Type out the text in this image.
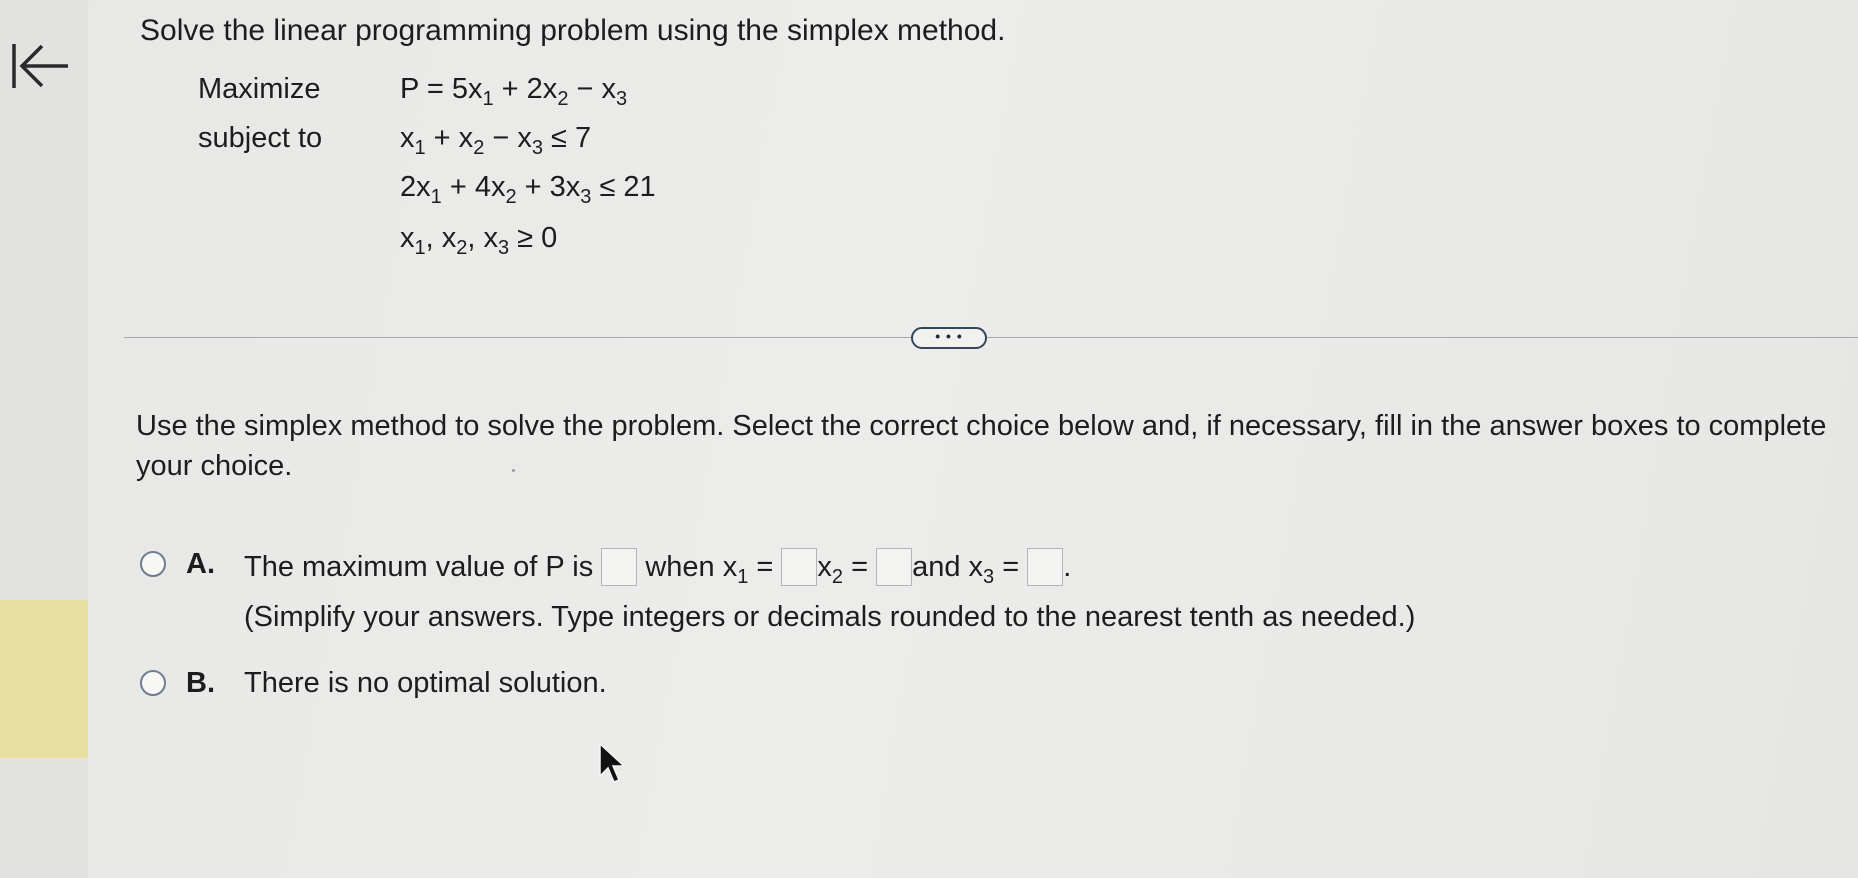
Solve the linear programming problem using the simplex method.
Maximize
subject to
$P = 5x_1 + 2x_2 - x_3$
$x_1 + x_2 - x_3 \le 7$
$2x_1 + 4x_2 + 3x_3 \le 21$
$x_1$, $x_2$, $x_3 \ge 0$
• • •
Use the simplex method to solve the problem. Select the correct choice below and, if necessary, fill in the answer boxes to complete your choice.
A. The maximum value of P is  when $x_1 = x_2$ = and $x_3$ = .
(Simplify your answers. Type integers or decimals rounded to the nearest tenth as needed.)
B. There is no optimal solution.
